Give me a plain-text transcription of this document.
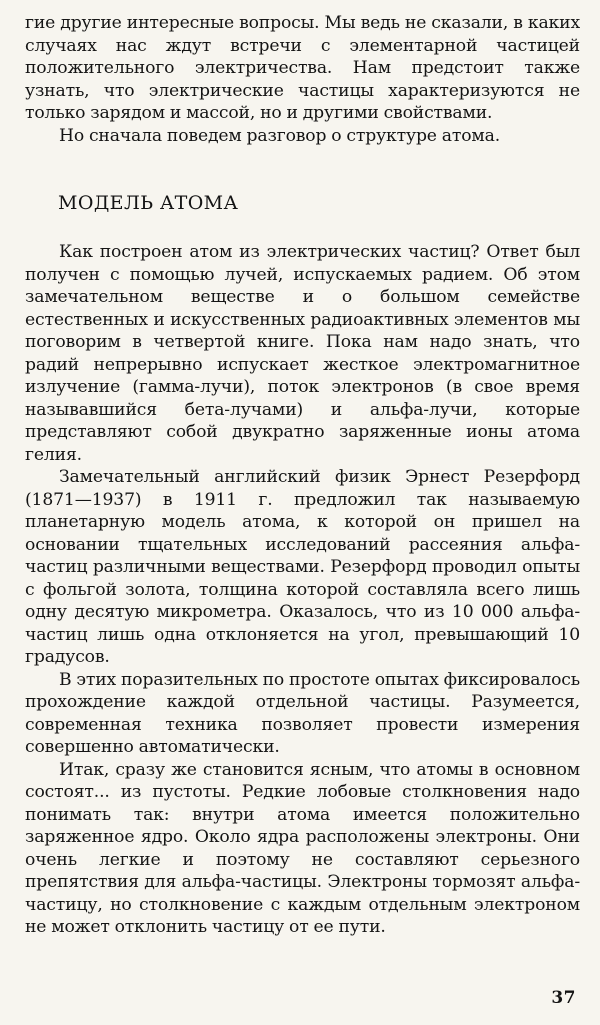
гие другие интересные вопросы. Мы ведь не сказали, в каких случаях нас ждут встречи с элементарной частицей положительного электричества. Нам предстоит также узнать, что электрические частицы характеризуются не только зарядом и массой, но и другими свойствами.

Но сначала поведем разговор о структуре атома.

МОДЕЛЬ АТОМА

Как построен атом из электрических частиц? Ответ был получен с помощью лучей, испускаемых радием. Об этом замечательном веществе и о большом семействе естественных и искусственных радиоактивных элементов мы поговорим в четвертой книге. Пока нам надо знать, что радий непрерывно испускает жесткое электромагнитное излучение (гамма-лучи), поток электронов (в свое время называвшийся бета-лучами) и альфа-лучи, которые представляют собой двукратно заряженные ионы атома гелия.

Замечательный английский физик Эрнест Резерфорд (1871—1937) в 1911 г. предложил так называемую планетарную модель атома, к которой он пришел на основании тщательных исследований рассеяния альфа-частиц различными веществами. Резерфорд проводил опыты с фольгой золота, толщина которой составляла всего лишь одну десятую микрометра. Оказалось, что из 10 000 альфа-частиц лишь одна отклоняется на угол, превышающий 10 градусов.

В этих поразительных по простоте опытах фиксировалось прохождение каждой отдельной частицы. Разумеется, современная техника позволяет провести измерения совершенно автоматически.

Итак, сразу же становится ясным, что атомы в основном состоят... из пустоты. Редкие лобовые столкновения надо понимать так: внутри атома имеется положительно заряженное ядро. Около ядра расположены электроны. Они очень легкие и поэтому не составляют серьезного препятствия для альфа-частицы. Электроны тормозят альфа-частицу, но столкновение с каждым отдельным электроном не может отклонить частицу от ее пути.

37
